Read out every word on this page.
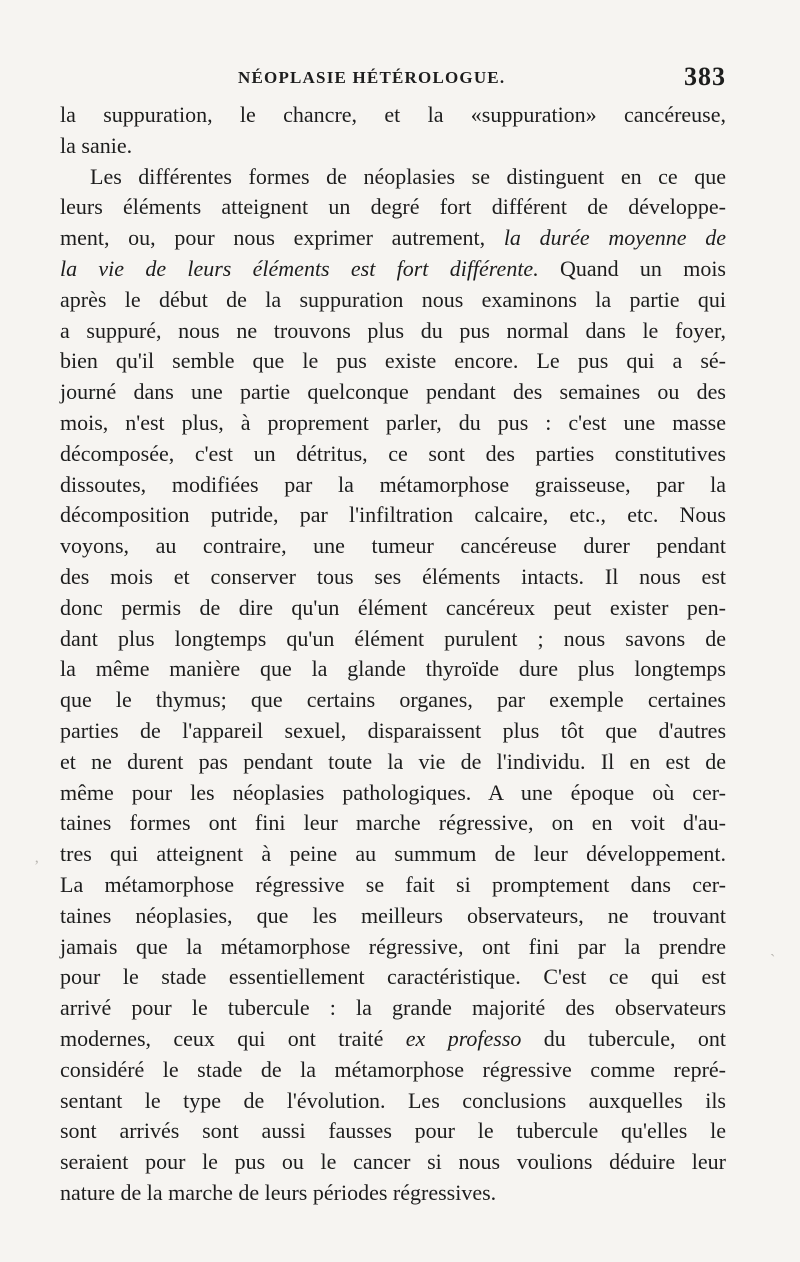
NÉOPLASIE HÉTÉROLOGUE.	383
la suppuration, le chancre, et la «suppuration» cancéreuse,
la sanie.
Les différentes formes de néoplasies se distinguent en ce que
leurs éléments atteignent un degré fort différent de développe-
ment, ou, pour nous exprimer autrement, la durée moyenne de
la vie de leurs éléments est fort différente. Quand un mois
après le début de la suppuration nous examinons la partie qui
a suppuré, nous ne trouvons plus du pus normal dans le foyer,
bien qu'il semble que le pus existe encore. Le pus qui a sé-
journé dans une partie quelconque pendant des semaines ou des
mois, n'est plus, à proprement parler, du pus : c'est une masse
décomposée, c'est un détritus, ce sont des parties constitutives
dissoutes, modifiées par la métamorphose graisseuse, par la
décomposition putride, par l'infiltration calcaire, etc., etc. Nous
voyons, au contraire, une tumeur cancéreuse durer pendant
des mois et conserver tous ses éléments intacts. Il nous est
donc permis de dire qu'un élément cancéreux peut exister pen-
dant plus longtemps qu'un élément purulent ; nous savons de
la même manière que la glande thyroïde dure plus longtemps
que le thymus; que certains organes, par exemple certaines
parties de l'appareil sexuel, disparaissent plus tôt que d'autres
et ne durent pas pendant toute la vie de l'individu. Il en est de
même pour les néoplasies pathologiques. A une époque où cer-
taines formes ont fini leur marche régressive, on en voit d'au-
tres qui atteignent à peine au summum de leur développement.
La métamorphose régressive se fait si promptement dans cer-
taines néoplasies, que les meilleurs observateurs, ne trouvant
jamais que la métamorphose régressive, ont fini par la prendre
pour le stade essentiellement caractéristique. C'est ce qui est
arrivé pour le tubercule : la grande majorité des observateurs
modernes, ceux qui ont traité ex professo du tubercule, ont
considéré le stade de la métamorphose régressive comme repré-
sentant le type de l'évolution. Les conclusions auxquelles ils
sont arrivés sont aussi fausses pour le tubercule qu'elles le
seraient pour le pus ou le cancer si nous voulions déduire leur
nature de la marche de leurs périodes régressives.
ʼ
ˋ
